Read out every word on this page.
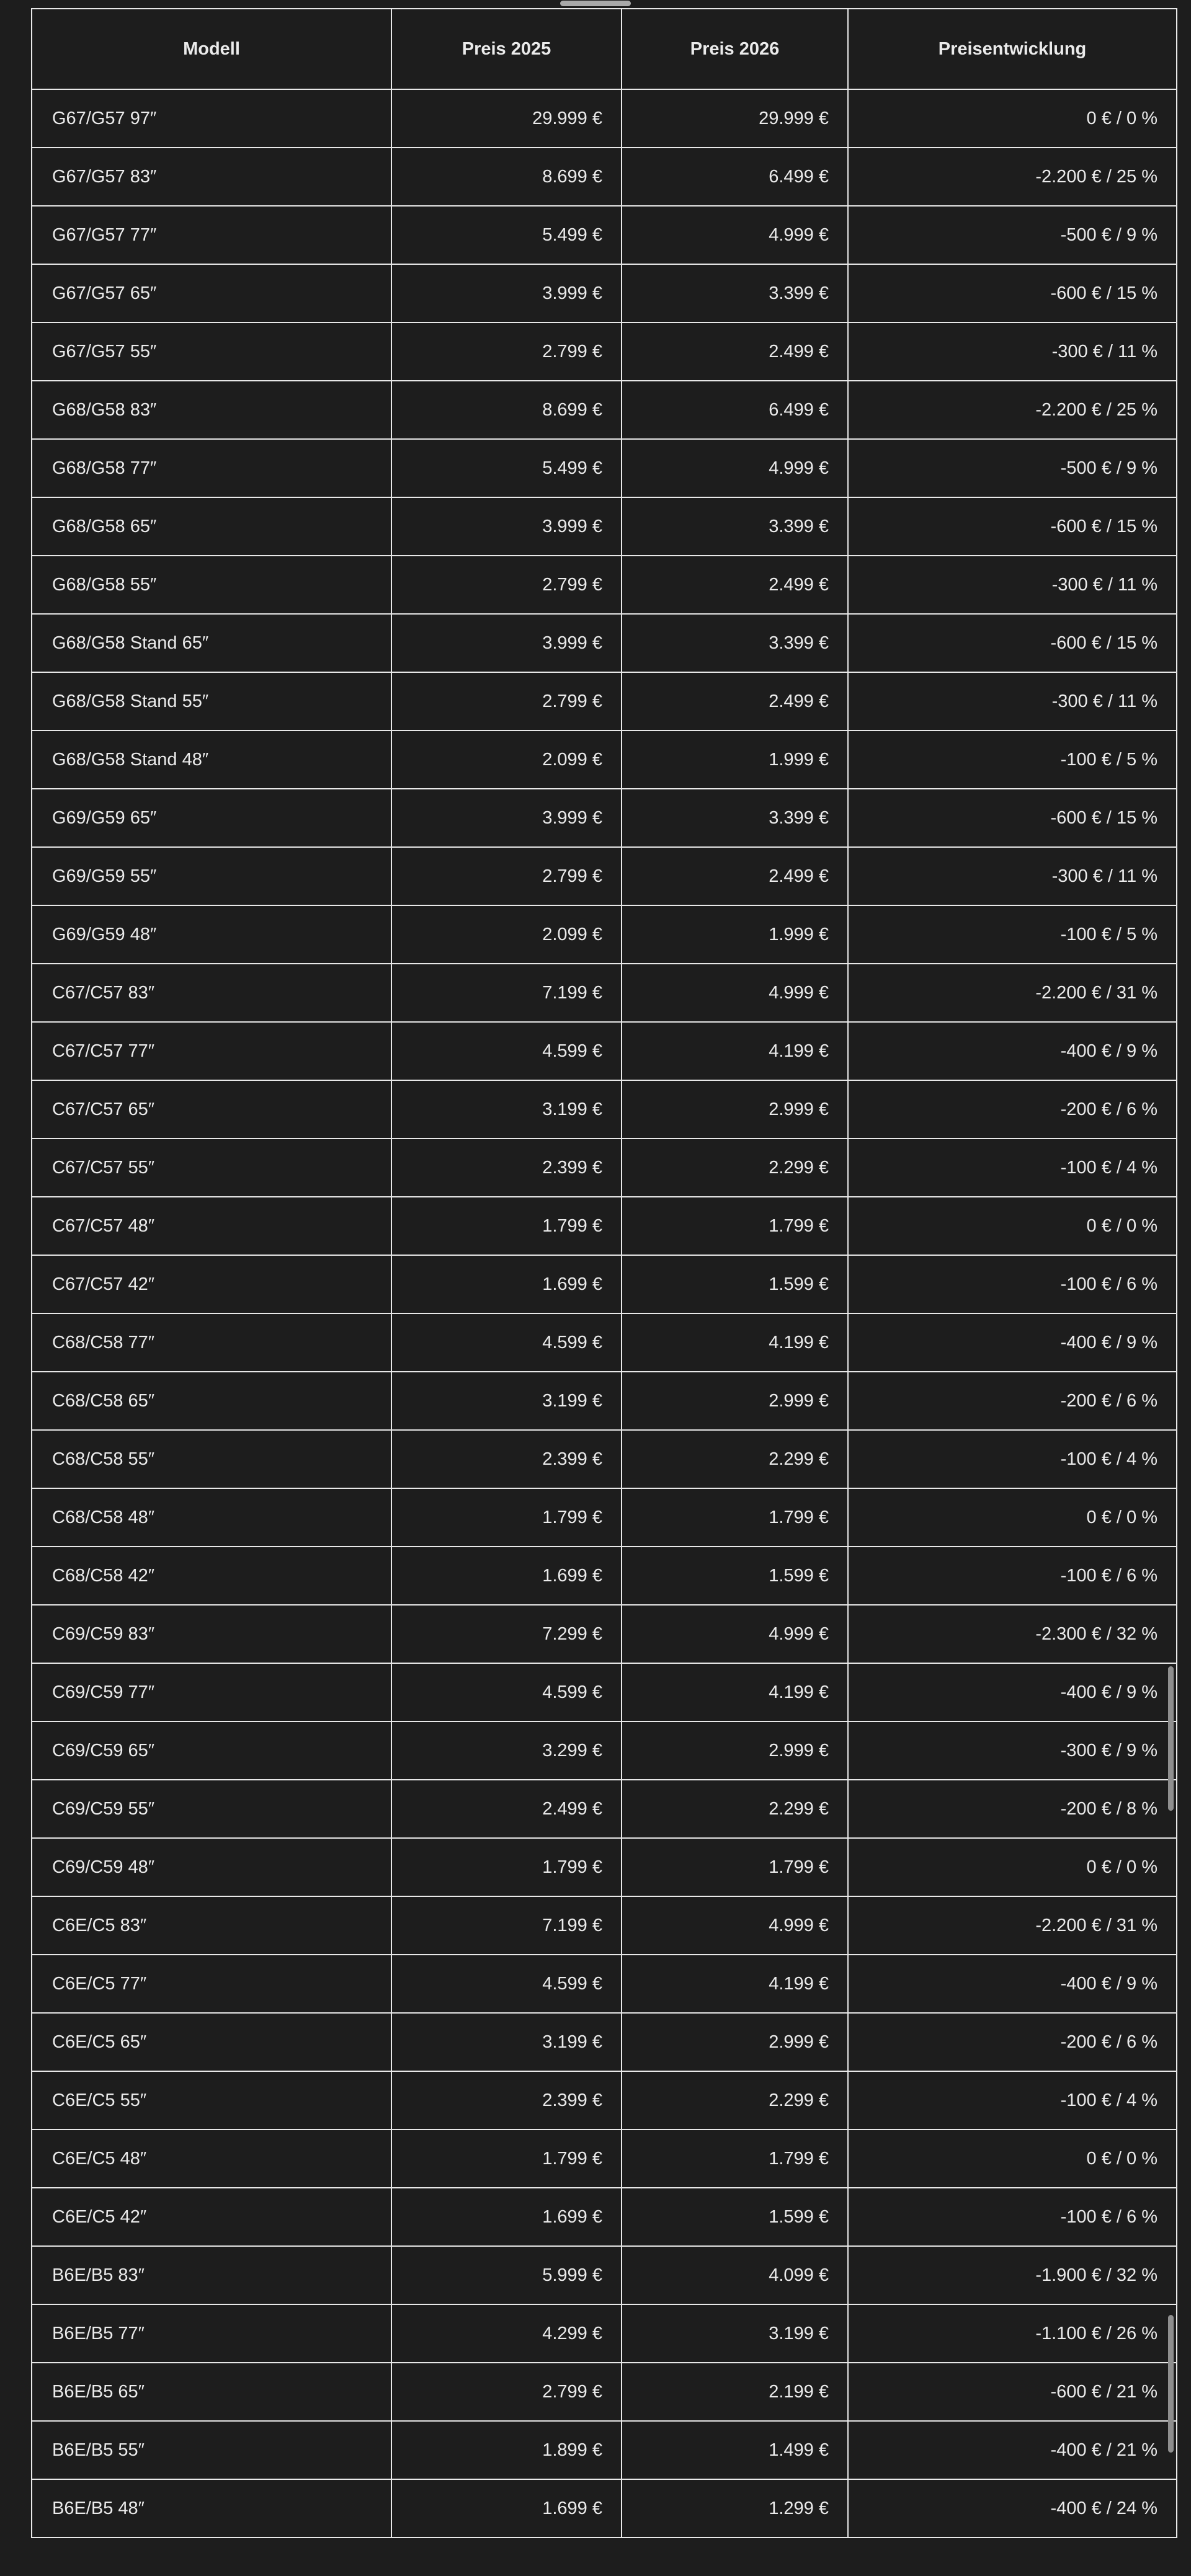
Modell	Preis 2025	Preis 2026	Preisentwicklung
G67/G57 97″	29.999 €	29.999 €	0 € / 0 %
G67/G57 83″	8.699 €	6.499 €	-2.200 € / 25 %
G67/G57 77″	5.499 €	4.999 €	-500 € / 9 %
G67/G57 65″	3.999 €	3.399 €	-600 € / 15 %
G67/G57 55″	2.799 €	2.499 €	-300 € / 11 %
G68/G58 83″	8.699 €	6.499 €	-2.200 € / 25 %
G68/G58 77″	5.499 €	4.999 €	-500 € / 9 %
G68/G58 65″	3.999 €	3.399 €	-600 € / 15 %
G68/G58 55″	2.799 €	2.499 €	-300 € / 11 %
G68/G58 Stand 65″	3.999 €	3.399 €	-600 € / 15 %
G68/G58 Stand 55″	2.799 €	2.499 €	-300 € / 11 %
G68/G58 Stand 48″	2.099 €	1.999 €	-100 € / 5 %
G69/G59 65″	3.999 €	3.399 €	-600 € / 15 %
G69/G59 55″	2.799 €	2.499 €	-300 € / 11 %
G69/G59 48″	2.099 €	1.999 €	-100 € / 5 %
C67/C57 83″	7.199 €	4.999 €	-2.200 € / 31 %
C67/C57 77″	4.599 €	4.199 €	-400 € / 9 %
C67/C57 65″	3.199 €	2.999 €	-200 € / 6 %
C67/C57 55″	2.399 €	2.299 €	-100 € / 4 %
C67/C57 48″	1.799 €	1.799 €	0 € / 0 %
C67/C57 42″	1.699 €	1.599 €	-100 € / 6 %
C68/C58 77″	4.599 €	4.199 €	-400 € / 9 %
C68/C58 65″	3.199 €	2.999 €	-200 € / 6 %
C68/C58 55″	2.399 €	2.299 €	-100 € / 4 %
C68/C58 48″	1.799 €	1.799 €	0 € / 0 %
C68/C58 42″	1.699 €	1.599 €	-100 € / 6 %
C69/C59 83″	7.299 €	4.999 €	-2.300 € / 32 %
C69/C59 77″	4.599 €	4.199 €	-400 € / 9 %
C69/C59 65″	3.299 €	2.999 €	-300 € / 9 %
C69/C59 55″	2.499 €	2.299 €	-200 € / 8 %
C69/C59 48″	1.799 €	1.799 €	0 € / 0 %
C6E/C5 83″	7.199 €	4.999 €	-2.200 € / 31 %
C6E/C5 77″	4.599 €	4.199 €	-400 € / 9 %
C6E/C5 65″	3.199 €	2.999 €	-200 € / 6 %
C6E/C5 55″	2.399 €	2.299 €	-100 € / 4 %
C6E/C5 48″	1.799 €	1.799 €	0 € / 0 %
C6E/C5 42″	1.699 €	1.599 €	-100 € / 6 %
B6E/B5 83″	5.999 €	4.099 €	-1.900 € / 32 %
B6E/B5 77″	4.299 €	3.199 €	-1.100 € / 26 %
B6E/B5 65″	2.799 €	2.199 €	-600 € / 21 %
B6E/B5 55″	1.899 €	1.499 €	-400 € / 21 %
B6E/B5 48″	1.699 €	1.299 €	-400 € / 24 %
